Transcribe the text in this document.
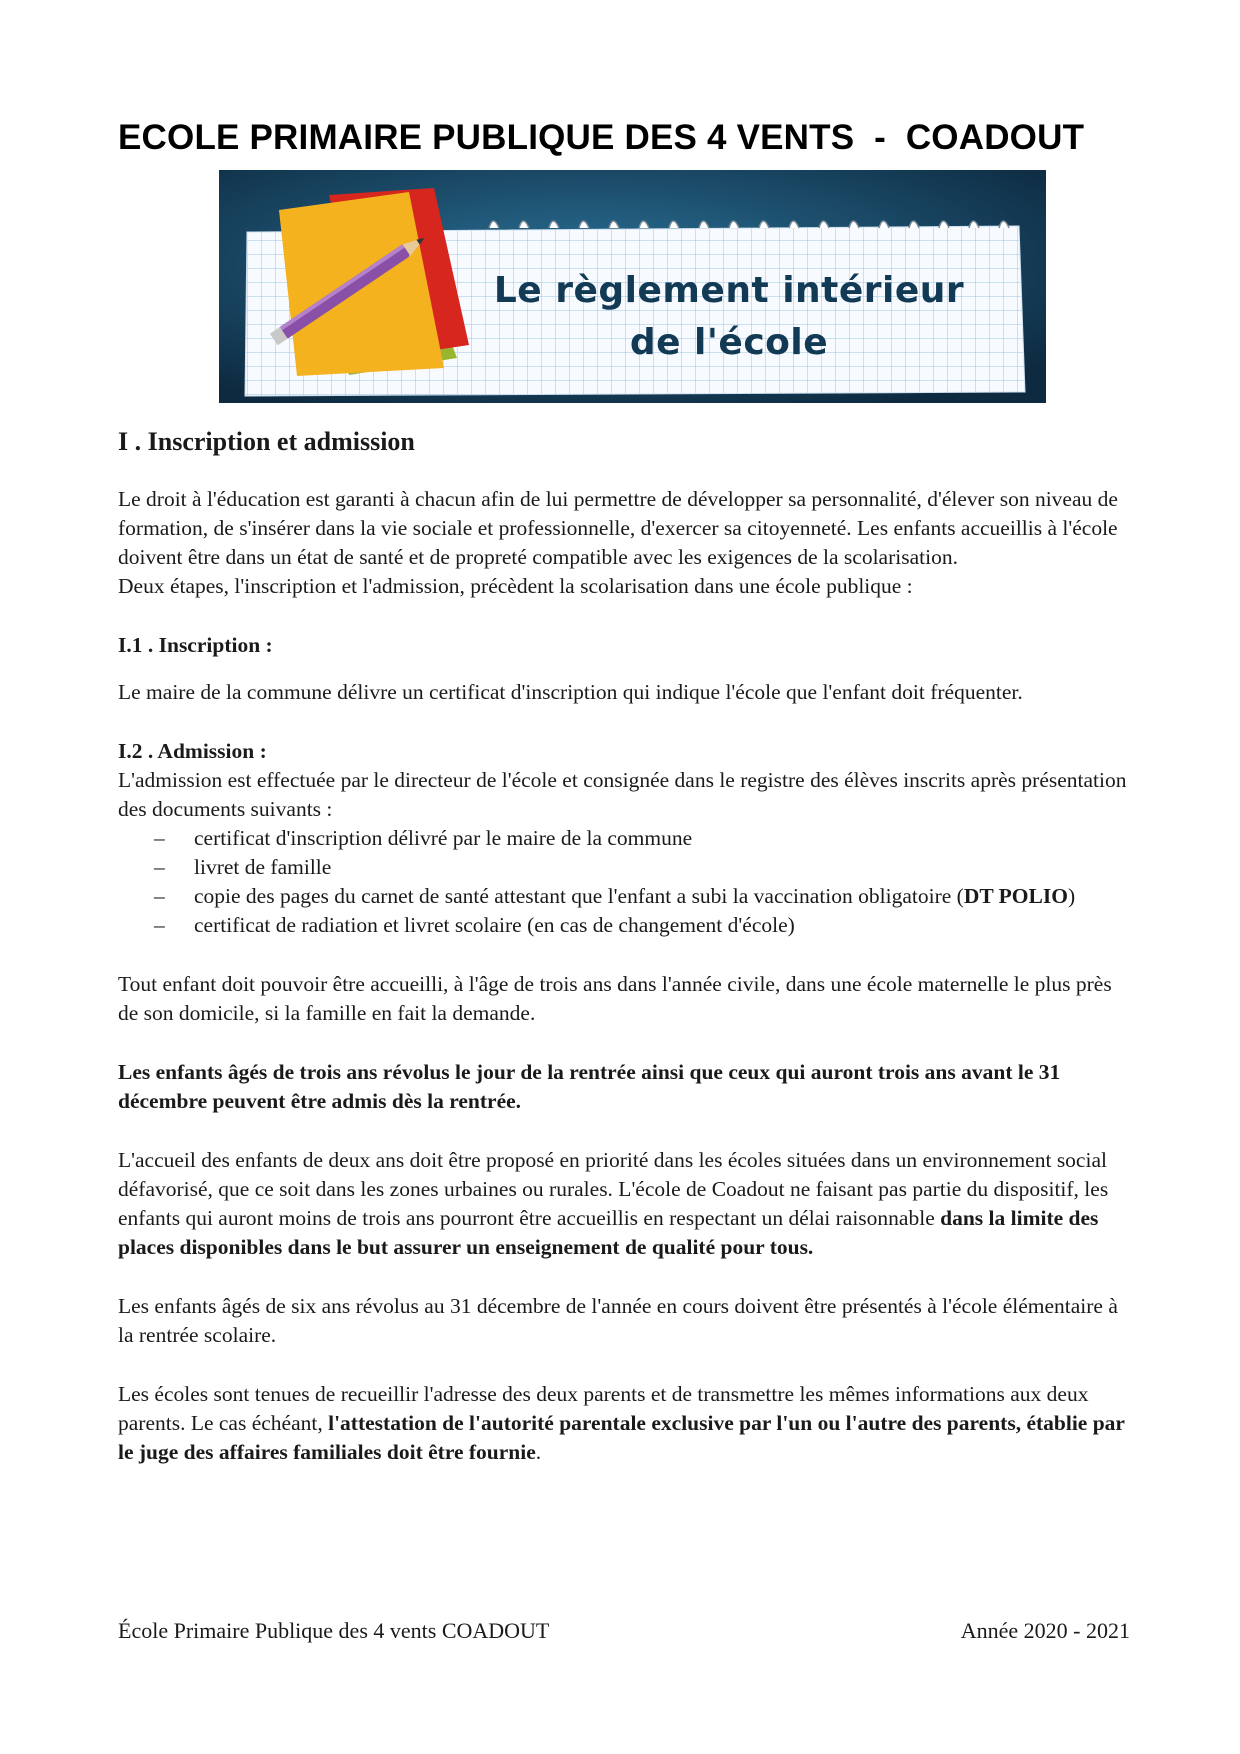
ECOLE PRIMAIRE PUBLIQUE DES 4 VENTS  -  COADOUT
Le règlement intérieur
de l'école

I . Inscription et admission

Le droit à l'éducation est garanti à chacun afin de lui permettre de développer sa personnalité, d'élever son niveau de formation, de s'insérer dans la vie sociale et professionnelle, d'exercer sa citoyenneté. Les enfants accueillis à l'école doivent être dans un état de santé et de propreté compatible avec les exigences de la scolarisation.

Deux étapes, l'inscription et l'admission, précèdent la scolarisation dans une école publique :

I.1 . Inscription :

Le maire de la commune délivre un certificat d'inscription qui indique l'école que l'enfant doit fréquenter.

I.2 . Admission :

L'admission est effectuée par le directeur de l'école et consignée dans le registre des élèves inscrits après présentation des documents suivants :

– certificat d'inscription délivré par le maire de la commune
– livret de famille
– copie des pages du carnet de santé attestant que l'enfant a subi la vaccination obligatoire (DT POLIO)
– certificat de radiation et livret scolaire (en cas de changement d'école)

Tout enfant doit pouvoir être accueilli, à l'âge de trois ans dans l'année civile, dans une école maternelle le plus près de son domicile, si la famille en fait la demande.

Les enfants âgés de trois ans révolus le jour de la rentrée ainsi que ceux qui auront trois ans avant le 31 décembre peuvent être admis dès la rentrée.

L'accueil des enfants de deux ans doit être proposé en priorité dans les écoles situées dans un environnement social défavorisé, que ce soit dans les zones urbaines ou rurales. L'école de Coadout ne faisant pas partie du dispositif, les enfants qui auront moins de trois ans pourront être accueillis en respectant un délai raisonnable dans la limite des places disponibles dans le but assurer un enseignement de qualité pour tous.

Les enfants âgés de six ans révolus au 31 décembre de l'année en cours doivent être présentés à l'école élémentaire à la rentrée scolaire.

Les écoles sont tenues de recueillir l'adresse des deux parents et de transmettre les mêmes informations aux deux parents. Le cas échéant, l'attestation de l'autorité parentale exclusive par l'un ou l'autre des parents, établie par le juge des affaires familiales doit être fournie.

École Primaire Publique des 4 vents COADOUT	Année 2020 - 2021
